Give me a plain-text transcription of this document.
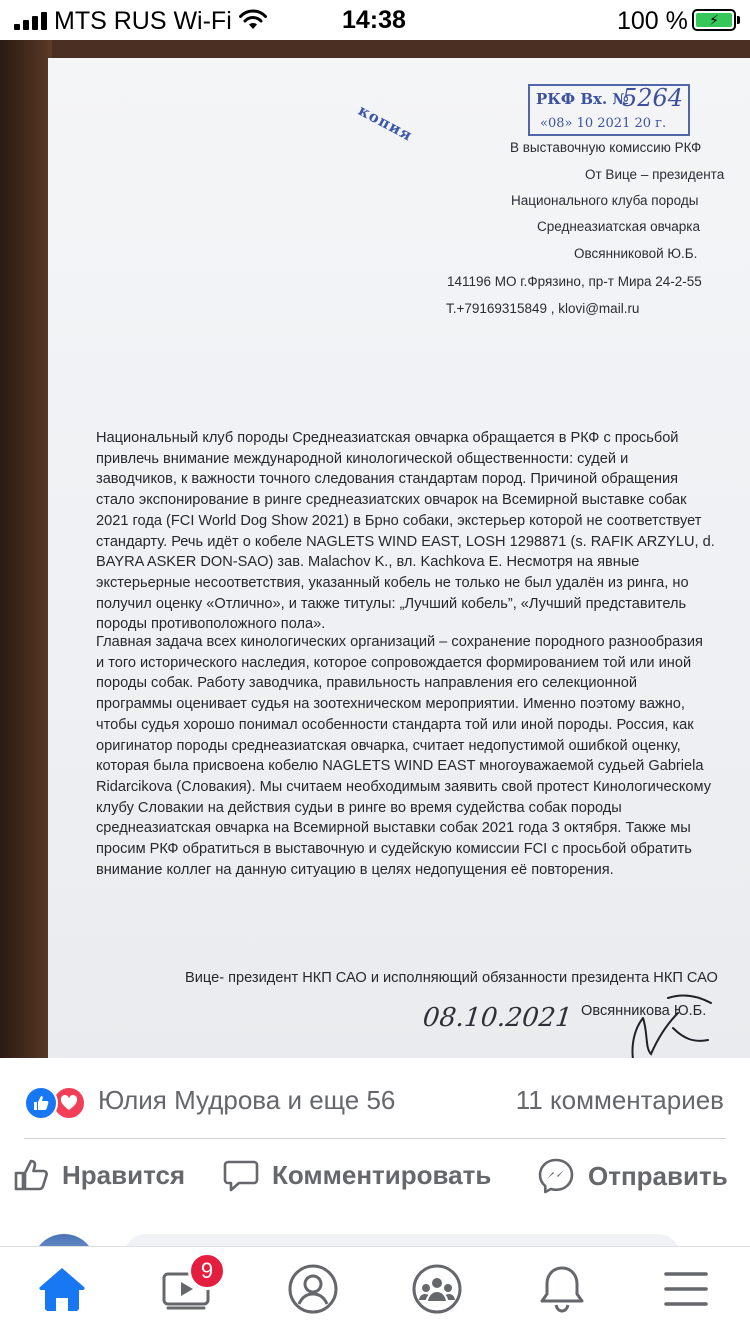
MTS RUS Wi-Fi	14:38	100 %	⚡
РКФ Вх. №
5264
«08» 10 2021 20 г.
копия
В выставочную комиссию РКФ
От Вице – президента
Национального клуба породы
Среднеазиатская овчарка
Овсянниковой Ю.Б.
141196 МО г.Фрязино, пр-т Мира 24-2-55
Т.+79169315849 , klovi@mail.ru
Национальный клуб породы Среднеазиатская овчарка обращается в РКФ с просьбой
привлечь внимание международной кинологической общественности: судей и
заводчиков, к важности точного следования стандартам пород. Причиной обращения
стало экспонирование в ринге среднеазиатских овчарок на Всемирной выставке собак
2021 года (FCI World Dog Show 2021) в Брно собаки, экстерьер которой не соответствует
стандарту. Речь идёт о кобеле NAGLETS WIND EAST, LOSH 1298871 (s. RAFIK ARZYLU, d.
BAYRA ASKER DON-SAO) зав. Malachov K., вл. Kachkova E. Несмотря на явные
экстерьерные несоответствия, указанный кобель не только не был удалён из ринга, но
получил оценку «Отлично», и также титулы: „Лучший кобель”, «Лучший представитель
породы противоположного пола».
Главная задача всех кинологических организаций – сохранение породного разнообразия
и того исторического наследия, которое сопровождается формированием той или иной
породы собак. Работу заводчика, правильность направления его селекционной
программы оценивает судья на зоотехническом мероприятии. Именно поэтому важно,
чтобы судья хорошо понимал особенности стандарта той или иной породы. Россия, как
оригинатор породы среднеазиатская овчарка, считает недопустимой ошибкой оценку,
которая была присвоена кобелю NAGLETS WIND EAST многоуважаемой судьей Gabriela
Ridarcikova (Словакия). Мы считаем необходимым заявить свой протест Кинологическому
клубу Словакии на действия судьи в ринге во время судейства собак породы
среднеазиатская овчарка на Всемирной выставки собак 2021 года 3 октября. Также мы
просим РКФ обратиться в выставочную и судейскую комиссии FCI с просьбой обратить
внимание коллег на данную ситуацию в целях недопущения её повторения.
Вице- президент НКП САО и исполняющий обязанности президента НКП САО
08.10.2021 Овсянникова Ю.Б.
Юлия Мудрова и еще 56	11 комментариев
Нравится	Комментировать	Отправить
9
